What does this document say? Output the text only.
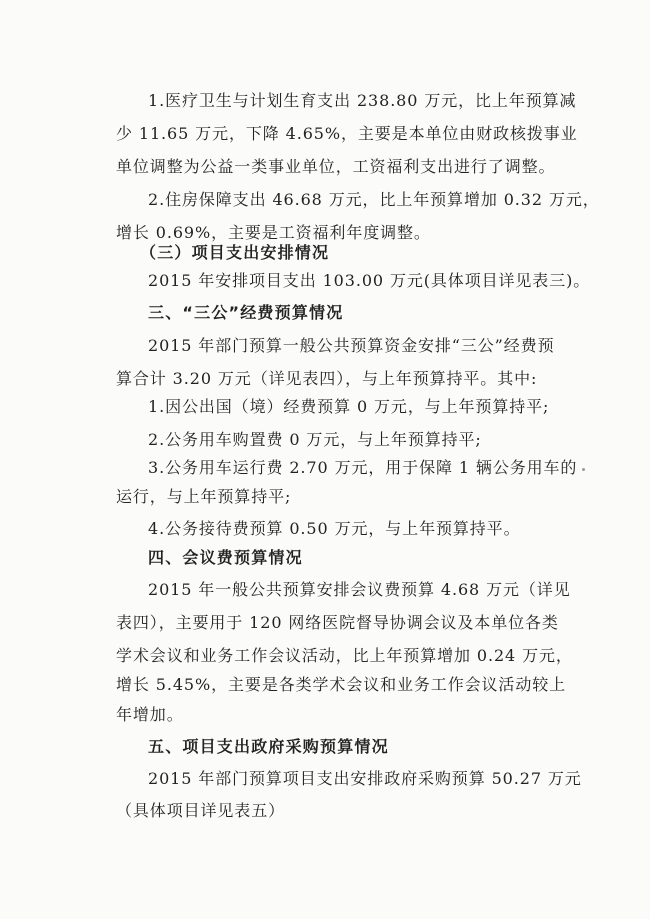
1.医疗卫生与计划生育支出 238.80 万元，比上年预算减
少 11.65 万元，下降 4.65%，主要是本单位由财政核拨事业
单位调整为公益一类事业单位，工资福利支出进行了调整。
2.住房保障支出 46.68 万元，比上年预算增加 0.32 万元，
增长 0.69%，主要是工资福利年度调整。
（三）项目支出安排情况
2015 年安排项目支出 103.00 万元(具体项目详见表三)。
三、“三公”经费预算情况
2015 年部门预算一般公共预算资金安排“三公”经费预
算合计 3.20 万元（详见表四），与上年预算持平。其中:
1.因公出国（境）经费预算 0 万元，与上年预算持平;
2.公务用车购置费 0 万元，与上年预算持平;
3.公务用车运行费 2.70 万元，用于保障 1 辆公务用车的
运行，与上年预算持平;
4.公务接待费预算 0.50 万元，与上年预算持平。
四、会议费预算情况
2015 年一般公共预算安排会议费预算 4.68 万元（详见
表四），主要用于 120 网络医院督导协调会议及本单位各类
学术会议和业务工作会议活动，比上年预算增加 0.24 万元，
增长 5.45%，主要是各类学术会议和业务工作会议活动较上
年增加。
五、项目支出政府采购预算情况
2015 年部门预算项目支出安排政府采购预算 50.27 万元
（具体项目详见表五）
